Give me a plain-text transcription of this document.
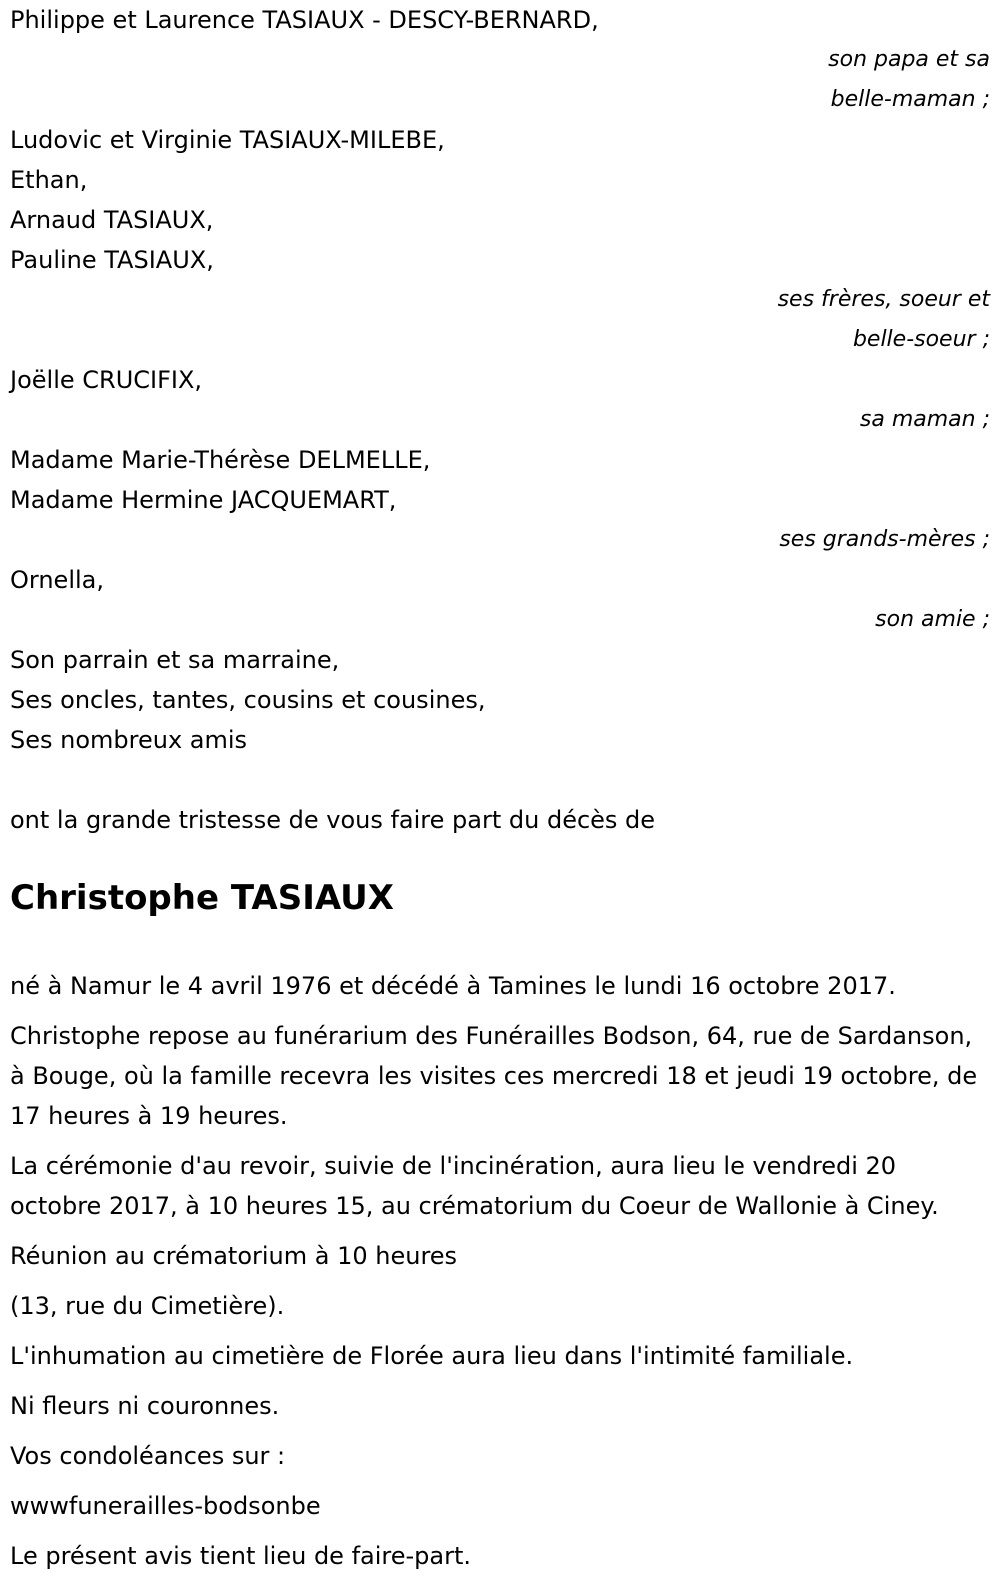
Philippe et Laurence TASIAUX - DESCY-BERNARD,
son papa et sa
belle-maman ;
Ludovic et Virginie TASIAUX-MILEBE,
Ethan,
Arnaud TASIAUX,
Pauline TASIAUX,
ses frères, soeur et
belle-soeur ;
Joëlle CRUCIFIX,
sa maman ;
Madame Marie-Thérèse DELMELLE,
Madame Hermine JACQUEMART,
ses grands-mères ;
Ornella,
son amie ;
Son parrain et sa marraine,
Ses oncles, tantes, cousins et cousines,
Ses nombreux amis
ont la grande tristesse de vous faire part du décès de
Christophe TASIAUX
né à Namur le 4 avril 1976 et décédé à Tamines le lundi 16 octobre 2017.
Christophe repose au funérarium des Funérailles Bodson, 64, rue de Sardanson, à Bouge, où la famille recevra les visites ces mercredi 18 et jeudi 19 octobre, de 17 heures à 19 heures.
La cérémonie d'au revoir, suivie de l'incinération, aura lieu le vendredi 20 octobre 2017, à 10 heures 15, au crématorium du Coeur de Wallonie à Ciney.
Réunion au crématorium à 10 heures
(13, rue du Cimetière).
L'inhumation au cimetière de Florée aura lieu dans l'intimité familiale.
Ni fleurs ni couronnes.
Vos condoléances sur :
wwwfunerailles-bodsonbe
Le présent avis tient lieu de faire-part.
